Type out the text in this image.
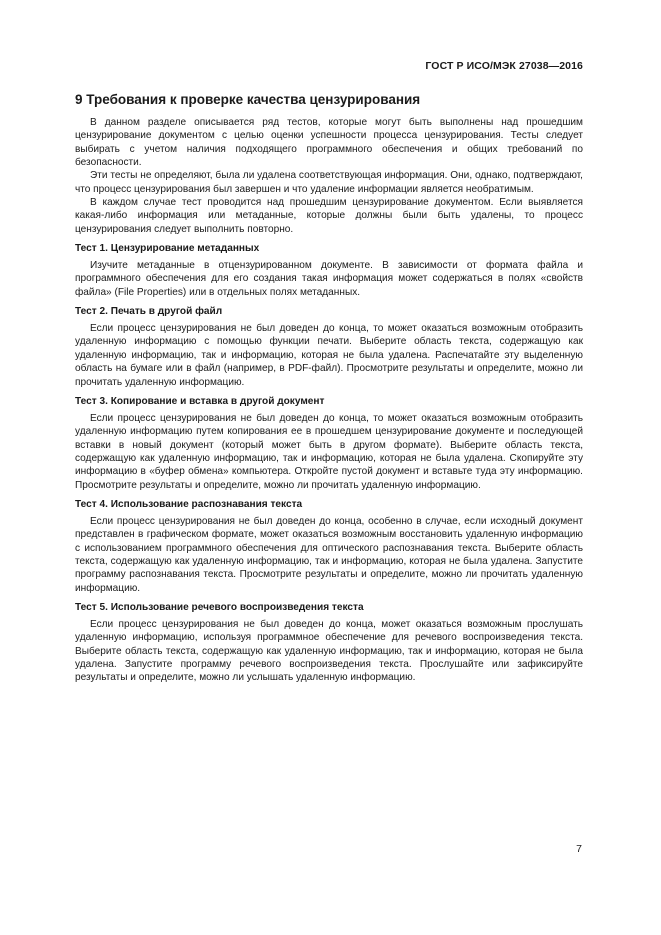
ГОСТ Р ИСО/МЭК 27038—2016
9 Требования к проверке качества цензурирования

В данном разделе описывается ряд тестов, которые могут быть выполнены над прошедшим цензурирование документом с целью оценки успешности процесса цензурирования. Тесты следует выбирать с учетом наличия подходящего программного обеспечения и общих требований по безопасности.

Эти тесты не определяют, была ли удалена соответствующая информация. Они, однако, подтверждают, что процесс цензурирования был завершен и что удаление информации является необратимым.

В каждом случае тест проводится над прошедшим цензурирование документом. Если выявляется какая-либо информация или метаданные, которые должны были быть удалены, то процесс цензурирования следует выполнить повторно.

Тест 1. Цензурирование метаданных

Изучите метаданные в отцензурированном документе. В зависимости от формата файла и программного обеспечения для его создания такая информация может содержаться в полях «свойств файла» (File Properties) или в отдельных полях метаданных.

Тест 2. Печать в другой файл

Если процесс цензурирования не был доведен до конца, то может оказаться возможным отобразить удаленную информацию с помощью функции печати. Выберите область текста, содержащую как удаленную информацию, так и информацию, которая не была удалена. Распечатайте эту выделенную область на бумаге или в файл (например, в PDF-файл). Просмотрите результаты и определите, можно ли прочитать удаленную информацию.

Тест 3. Копирование и вставка в другой документ

Если процесс цензурирования не был доведен до конца, то может оказаться возможным отобразить удаленную информацию путем копирования ее в прошедшем цензурирование документе и последующей вставки в новый документ (который может быть в другом формате). Выберите область текста, содержащую как удаленную информацию, так и информацию, которая не была удалена. Скопируйте эту информацию в «буфер обмена» компьютера. Откройте пустой документ и вставьте туда эту информацию. Просмотрите результаты и определите, можно ли прочитать удаленную информацию.

Тест 4. Использование распознавания текста

Если процесс цензурирования не был доведен до конца, особенно в случае, если исходный документ представлен в графическом формате, может оказаться возможным восстановить удаленную информацию с использованием программного обеспечения для оптического распознавания текста. Выберите область текста, содержащую как удаленную информацию, так и информацию, которая не была удалена. Запустите программу распознавания текста. Просмотрите результаты и определите, можно ли прочитать удаленную информацию.

Тест 5. Использование речевого воспроизведения текста

Если процесс цензурирования не был доведен до конца, может оказаться возможным прослушать удаленную информацию, используя программное обеспечение для речевого воспроизведения текста. Выберите область текста, содержащую как удаленную информацию, так и информацию, которая не была удалена. Запустите программу речевого воспроизведения текста. Прослушайте или зафиксируйте результаты и определите, можно ли услышать удаленную информацию.

7
